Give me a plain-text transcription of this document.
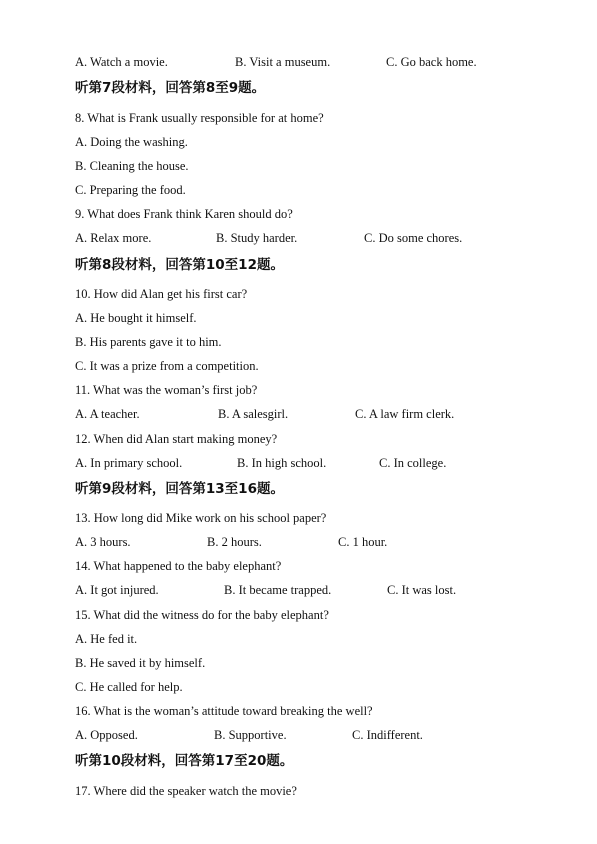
A. Watch a movie.	B. Visit a museum.	C. Go back home.
听第7段材料，回答第8至9题。
8. What is Frank usually responsible for at home?
A. Doing the washing.
B. Cleaning the house.
C. Preparing the food.
9. What does Frank think Karen should do?
A. Relax more.	B. Study harder.	C. Do some chores.
听第8段材料，回答第10至12题。
10. How did Alan get his first car?
A. He bought it himself.
B. His parents gave it to him.
C. It was a prize from a competition.
11. What was the woman’s first job?
A. A teacher.	B. A salesgirl.	C. A law firm clerk.
12. When did Alan start making money?
A. In primary school.	B. In high school.	C. In college.
听第9段材料，回答第13至16题。
13. How long did Mike work on his school paper?
A. 3 hours.	B. 2 hours.	C. 1 hour.
14. What happened to the baby elephant?
A. It got injured.	B. It became trapped.	C. It was lost.
15. What did the witness do for the baby elephant?
A. He fed it.
B. He saved it by himself.
C. He called for help.
16. What is the woman’s attitude toward breaking the well?
A. Opposed.	B. Supportive.	C. Indifferent.
听第10段材料，回答第17至20题。
17. Where did the speaker watch the movie?
